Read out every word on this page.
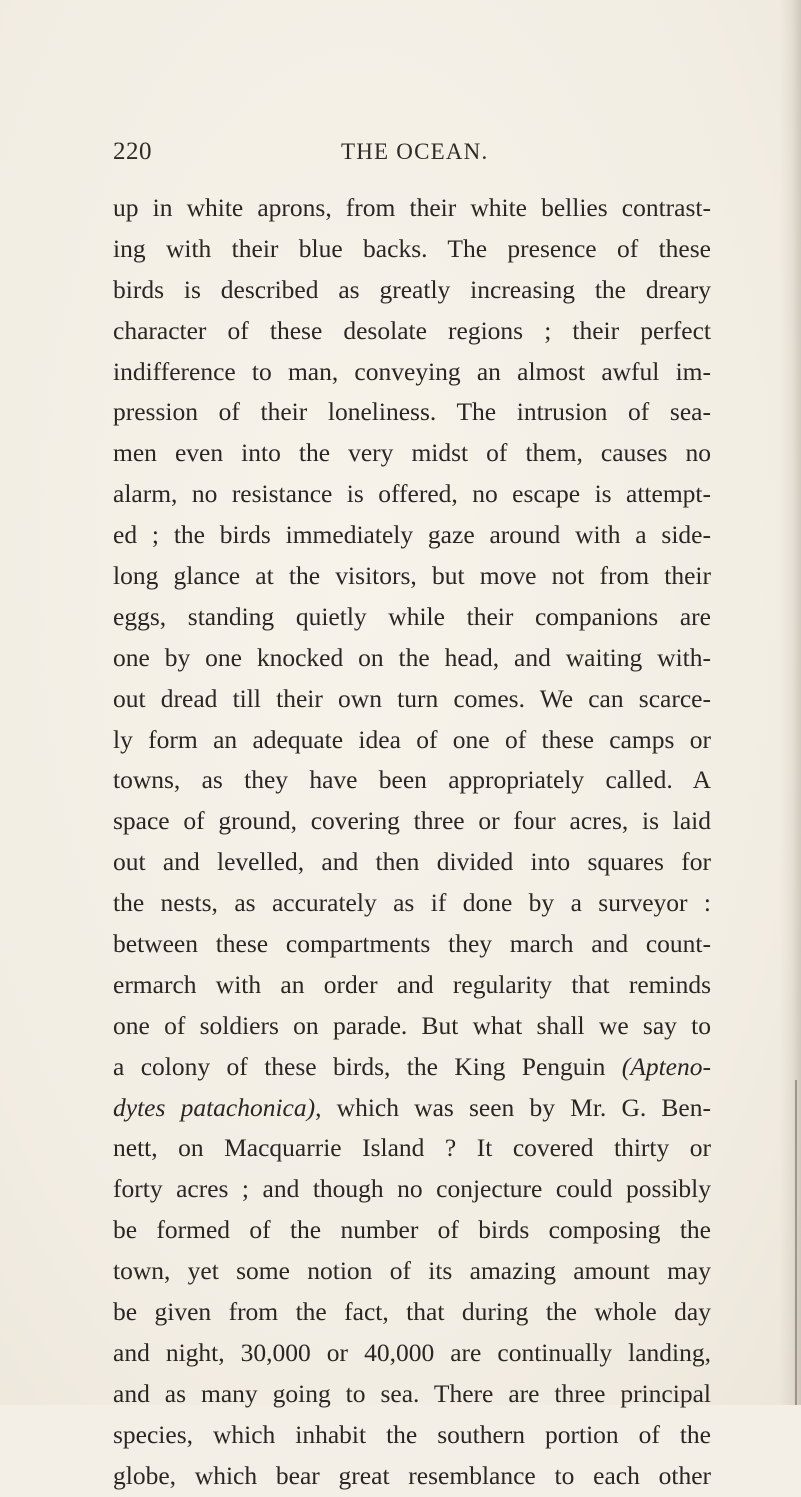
220	THE OCEAN.
up in white aprons, from their white bellies contrast-
ing with their blue backs. The presence of these
birds is described as greatly increasing the dreary
character of these desolate regions ; their perfect
indifference to man, conveying an almost awful im-
pression of their loneliness. The intrusion of sea-
men even into the very midst of them, causes no
alarm, no resistance is offered, no escape is attempt-
ed ; the birds immediately gaze around with a side-
long glance at the visitors, but move not from their
eggs, standing quietly while their companions are
one by one knocked on the head, and waiting with-
out dread till their own turn comes. We can scarce-
ly form an adequate idea of one of these camps or
towns, as they have been appropriately called. A
space of ground, covering three or four acres, is laid
out and levelled, and then divided into squares for
the nests, as accurately as if done by a surveyor :
between these compartments they march and count-
ermarch with an order and regularity that reminds
one of soldiers on parade. But what shall we say to
a colony of these birds, the King Penguin (Apteno-
dytes patachonica), which was seen by Mr. G. Ben-
nett, on Macquarrie Island ? It covered thirty or
forty acres ; and though no conjecture could possibly
be formed of the number of birds composing the
town, yet some notion of its amazing amount may
be given from the fact, that during the whole day
and night, 30,000 or 40,000 are continually landing,
and as many going to sea. There are three principal
species, which inhabit the southern portion of the
globe, which bear great resemblance to each other
